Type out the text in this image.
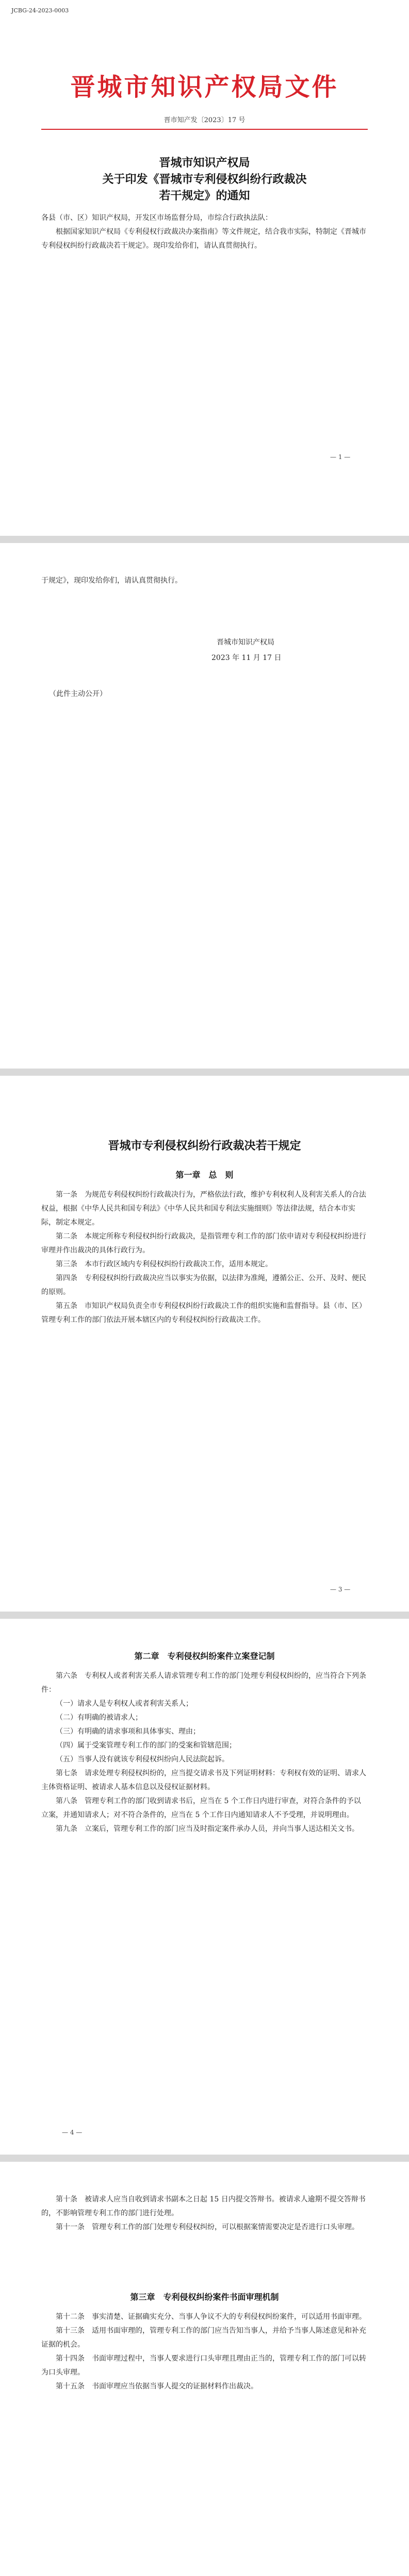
JCBG-24-2023-0003
晋城市知识产权局文件
晋市知产发〔2023〕17 号
晋城市知识产权局
关于印发《晋城市专利侵权纠纷行政裁决
若干规定》的通知

各县（市、区）知识产权局，开发区市场监督分局，市综合行政执法队：

根据国家知识产权局《专利侵权行政裁决办案指南》等文件规定，结合我市实际，特制定《晋城市专利侵权纠纷行政裁决若干规定》。现印发给你们，请认真贯彻执行。

— 1 —

于规定》，现印发给你们，请认真贯彻执行。

晋城市知识产权局
2023 年 11 月 17 日
（此件主动公开）
晋城市专利侵权纠纷行政裁决若干规定
第一章　总　则

第一条　为规范专利侵权纠纷行政裁决行为，严格依法行政，维护专利权利人及利害关系人的合法权益，根据《中华人民共和国专利法》《中华人民共和国专利法实施细则》等法律法规，结合本市实际，制定本规定。

第二条　本规定所称专利侵权纠纷行政裁决，是指管理专利工作的部门依申请对专利侵权纠纷进行审理并作出裁决的具体行政行为。

第三条　本市行政区域内专利侵权纠纷行政裁决工作，适用本规定。

第四条　专利侵权纠纷行政裁决应当以事实为依据，以法律为准绳，遵循公正、公开、及时、便民的原则。

第五条　市知识产权局负责全市专利侵权纠纷行政裁决工作的组织实施和监督指导。县（市、区）管理专利工作的部门依法开展本辖区内的专利侵权纠纷行政裁决工作。

— 3 —
第二章　专利侵权纠纷案件立案登记制

第六条　专利权人或者利害关系人请求管理专利工作的部门处理专利侵权纠纷的，应当符合下列条件：

（一）请求人是专利权人或者利害关系人；

（二）有明确的被请求人；

（三）有明确的请求事项和具体事实、理由；

（四）属于受案管理专利工作的部门的受案和管辖范围；

（五）当事人没有就该专利侵权纠纷向人民法院起诉。

第七条　请求处理专利侵权纠纷的，应当提交请求书及下列证明材料：专利权有效的证明、请求人主体资格证明、被请求人基本信息以及侵权证据材料。

第八条　管理专利工作的部门收到请求书后，应当在 5 个工作日内进行审查，对符合条件的予以立案，并通知请求人；对不符合条件的，应当在 5 个工作日内通知请求人不予受理，并说明理由。

第九条　立案后，管理专利工作的部门应当及时指定案件承办人员，并向当事人送达相关文书。

— 4 —

第十条　被请求人应当自收到请求书副本之日起 15 日内提交答辩书。被请求人逾期不提交答辩书的，不影响管理专利工作的部门进行处理。

第十一条　管理专利工作的部门处理专利侵权纠纷，可以根据案情需要决定是否进行口头审理。

第三章　专利侵权纠纷案件书面审理机制

第十二条　事实清楚、证据确实充分、当事人争议不大的专利侵权纠纷案件，可以适用书面审理。

第十三条　适用书面审理的，管理专利工作的部门应当告知当事人，并给予当事人陈述意见和补充证据的机会。

第十四条　书面审理过程中，当事人要求进行口头审理且理由正当的，管理专利工作的部门可以转为口头审理。

第十五条　书面审理应当依据当事人提交的证据材料作出裁决。
